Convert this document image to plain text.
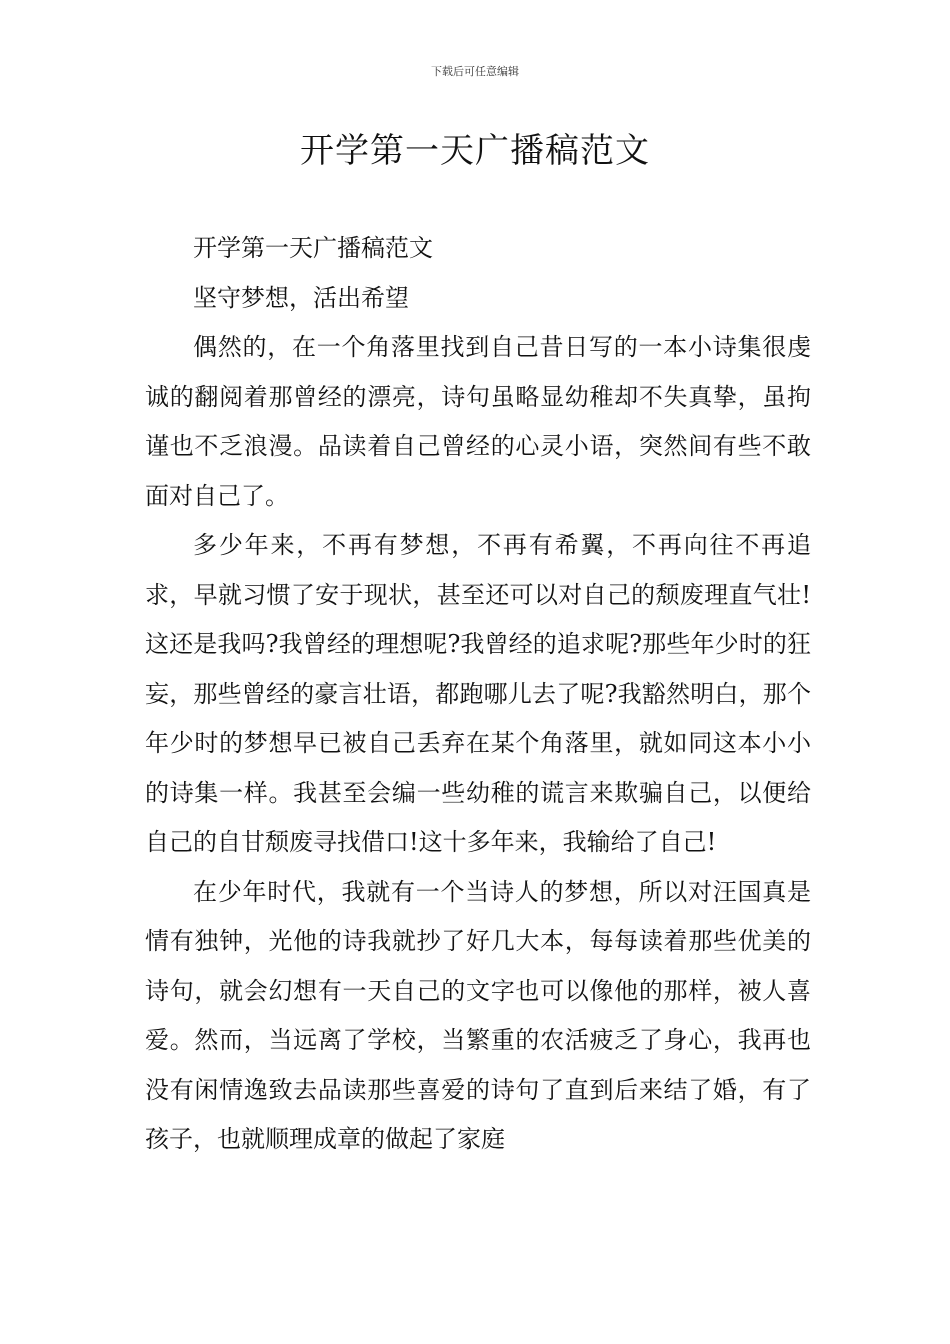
下载后可任意编辑
开学第一天广播稿范文

开学第一天广播稿范文

坚守梦想，活出希望

偶然的，在一个角落里找到自己昔日写的一本小诗集很虔诚的翻阅着那曾经的漂亮，诗句虽略显幼稚却不失真挚，虽拘谨也不乏浪漫。品读着自己曾经的心灵小语，突然间有些不敢面对自己了。

多少年来，不再有梦想，不再有希翼，不再向往不再追求，早就习惯了安于现状，甚至还可以对自己的颓废理直气壮!这还是我吗?我曾经的理想呢?我曾经的追求呢?那些年少时的狂妄，那些曾经的豪言壮语，都跑哪儿去了呢?我豁然明白，那个年少时的梦想早已被自己丢弃在某个角落里，就如同这本小小的诗集一样。我甚至会编一些幼稚的谎言来欺骗自己，以便给自己的自甘颓废寻找借口!这十多年来，我输给了自己!

在少年时代，我就有一个当诗人的梦想，所以对汪国真是情有独钟，光他的诗我就抄了好几大本，每每读着那些优美的诗句，就会幻想有一天自己的文字也可以像他的那样，被人喜爱。然而，当远离了学校，当繁重的农活疲乏了身心，我再也没有闲情逸致去品读那些喜爱的诗句了直到后来结了婚，有了孩子，也就顺理成章的做起了家庭
